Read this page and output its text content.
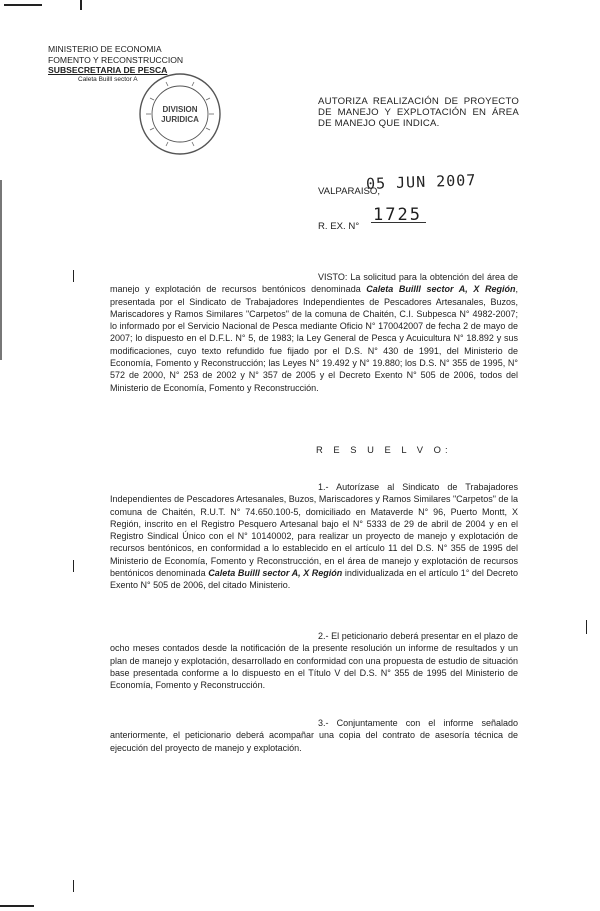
MINISTERIO DE ECONOMIA
FOMENTO Y RECONSTRUCCION
SUBSECRETARIA DE PESCA
Caleta Builll sector A
DIVISION
JURIDICA
AUTORIZA REALIZACIÓN DE PROYECTO DE MANEJO Y EXPLOTACIÓN EN ÁREA DE MANEJO QUE INDICA.
VALPARAISO,
05 JUN 2007
R. EX. N°
1725
VISTO: La solicitud para la obtención del área de manejo y explotación de recursos bentónicos denominada Caleta Builll sector A, X Región, presentada por el Sindicato de Trabajadores Independientes de Pescadores Artesanales, Buzos, Mariscadores y Ramos Similares "Carpetos" de la comuna de Chaitén, C.I. Subpesca N° 4982-2007; lo informado por el Servicio Nacional de Pesca mediante Oficio N° 170042007 de fecha 2 de mayo de 2007; lo dispuesto en el D.F.L. N° 5, de 1983; la Ley General de Pesca y Acuicultura N° 18.892 y sus modificaciones, cuyo texto refundido fue fijado por el D.S. N° 430 de 1991, del Ministerio de Economía, Fomento y Reconstrucción; las Leyes N° 19.492 y N° 19.880; los D.S. N° 355 de 1995, N° 572 de 2000, N° 253 de 2002 y N° 357 de 2005 y el Decreto Exento N° 505 de 2006, todos del Ministerio de Economía, Fomento y Reconstrucción.
R E S U E L V O:
1.- Autorízase al Sindicato de Trabajadores Independientes de Pescadores Artesanales, Buzos, Mariscadores y Ramos Similares "Carpetos" de la comuna de Chaitén, R.U.T. N° 74.650.100-5, domiciliado en Mataverde N° 96, Puerto Montt, X Región, inscrito en el Registro Pesquero Artesanal bajo el N° 5333 de 29 de abril de 2004 y en el Registro Sindical Único con el N° 10140002, para realizar un proyecto de manejo y explotación de recursos bentónicos, en conformidad a lo establecido en el artículo 11 del D.S. N° 355 de 1995 del Ministerio de Economía, Fomento y Reconstrucción, en el área de manejo y explotación de recursos bentónicos denominada Caleta Builll sector A, X Región individualizada en el artículo 1° del Decreto Exento N° 505 de 2006, del citado Ministerio.
2.- El peticionario deberá presentar en el plazo de ocho meses contados desde la notificación de la presente resolución un informe de resultados y un plan de manejo y explotación, desarrollado en conformidad con una propuesta de estudio de situación base presentada conforme a lo dispuesto en el Título V del D.S. N° 355 de 1995 del Ministerio de Economía, Fomento y Reconstrucción.
3.- Conjuntamente con el informe señalado anteriormente, el peticionario deberá acompañar una copia del contrato de asesoría técnica de ejecución del proyecto de manejo y explotación.
